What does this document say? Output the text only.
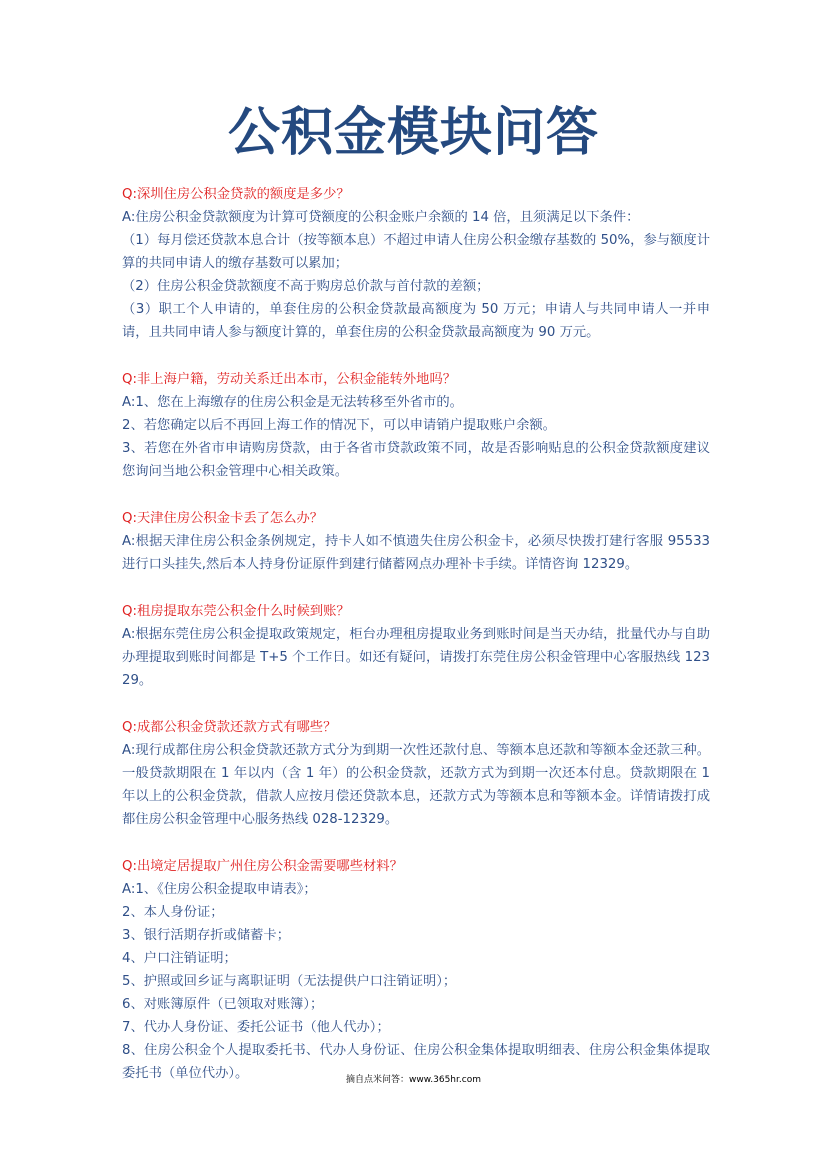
公积金模块问答

Q:深圳住房公积金贷款的额度是多少？

A:住房公积金贷款额度为计算可贷额度的公积金账户余额的 14 倍，且须满足以下条件：

（1）每月偿还贷款本息合计（按等额本息）不超过申请人住房公积金缴存基数的 50%，参与额度计算的共同申请人的缴存基数可以累加；

（2）住房公积金贷款额度不高于购房总价款与首付款的差额；

（3）职工个人申请的，单套住房的公积金贷款最高额度为 50 万元；申请人与共同申请人一并申请，且共同申请人参与额度计算的，单套住房的公积金贷款最高额度为 90 万元。

Q:非上海户籍，劳动关系迁出本市，公积金能转外地吗？

A:1、您在上海缴存的住房公积金是无法转移至外省市的。

2、若您确定以后不再回上海工作的情况下，可以申请销户提取账户余额。

3、若您在外省市申请购房贷款，由于各省市贷款政策不同，故是否影响贴息的公积金贷款额度建议您询问当地公积金管理中心相关政策。

Q:天津住房公积金卡丢了怎么办？

A:根据天津住房公积金条例规定，持卡人如不慎遗失住房公积金卡，必须尽快拨打建行客服 95533 进行口头挂失,然后本人持身份证原件到建行储蓄网点办理补卡手续。详情咨询 12329。

Q:租房提取东莞公积金什么时候到账？

A:根据东莞住房公积金提取政策规定，柜台办理租房提取业务到账时间是当天办结，批量代办与自助办理提取到账时间都是 T+5 个工作日。如还有疑问，请拨打东莞住房公积金管理中心客服热线 12329。

Q:成都公积金贷款还款方式有哪些？

A:现行成都住房公积金贷款还款方式分为到期一次性还款付息、等额本息还款和等额本金还款三种。一般贷款期限在 1 年以内（含 1 年）的公积金贷款，还款方式为到期一次还本付息。贷款期限在 1 年以上的公积金贷款，借款人应按月偿还贷款本息，还款方式为等额本息和等额本金。详情请拨打成都住房公积金管理中心服务热线 028-12329。

Q:出境定居提取广州住房公积金需要哪些材料？

A:1、《住房公积金提取申请表》；

2、本人身份证；

3、银行活期存折或储蓄卡；

4、户口注销证明；

5、护照或回乡证与离职证明（无法提供户口注销证明）；

6、对账簿原件（已领取对账簿）；

7、代办人身份证、委托公证书（他人代办）；

8、住房公积金个人提取委托书、代办人身份证、住房公积金集体提取明细表、住房公积金集体提取委托书（单位代办）。	摘自点米问答：www.365hr.com
